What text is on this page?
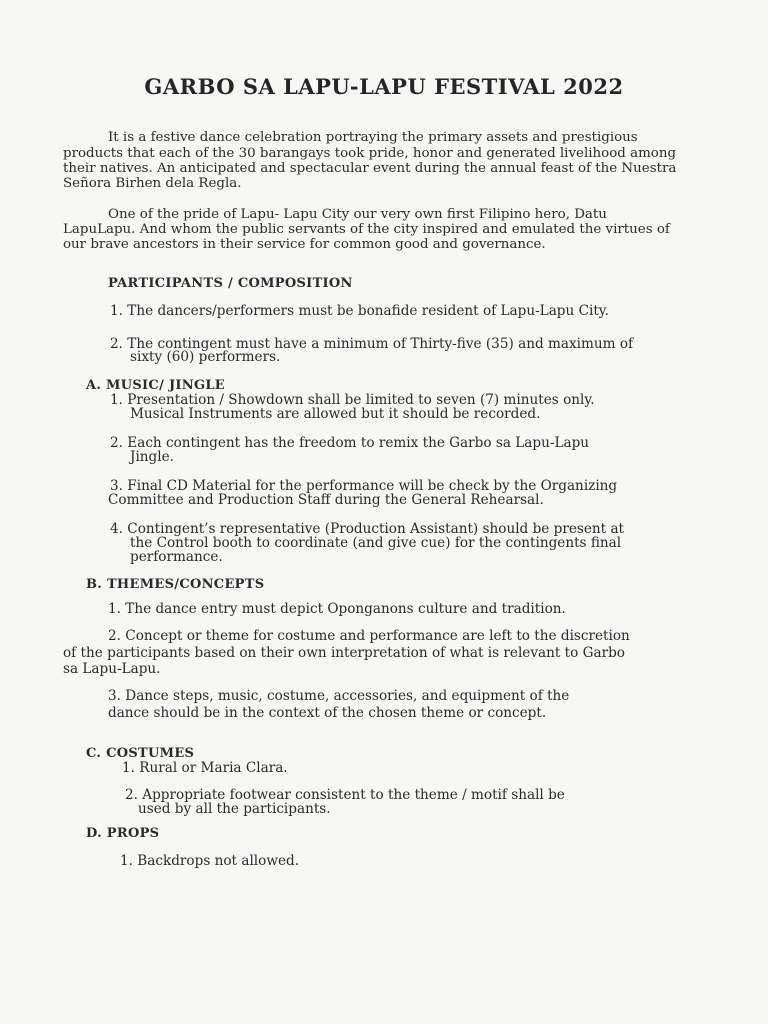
GARBO SA LAPU-LAPU FESTIVAL 2022

It is a festive dance celebration portraying the primary assets and prestigious

products that each of the 30 barangays took pride, honor and generated livelihood among

their natives. An anticipated and spectacular event during the annual feast of the Nuestra

Señora Birhen dela Regla.

One of the pride of Lapu- Lapu City our very own first Filipino hero, Datu

LapuLapu. And whom the public servants of the city inspired and emulated the virtues of

our brave ancestors in their service for common good and governance.

PARTICIPANTS / COMPOSITION

1. The dancers/performers must be bonafide resident of Lapu-Lapu City.

2. The contingent must have a minimum of Thirty-five (35) and maximum of

sixty (60) performers.

A. MUSIC/ JINGLE

1. Presentation / Showdown shall be limited to seven (7) minutes only.

Musical Instruments are allowed but it should be recorded.

2. Each contingent has the freedom to remix the Garbo sa Lapu-Lapu

Jingle.

3. Final CD Material for the performance will be check by the Organizing

Committee and Production Staff during the General Rehearsal.

4. Contingent’s representative (Production Assistant) should be present at

the Control booth to coordinate (and give cue) for the contingents final

performance.

B. THEMES/CONCEPTS

1. The dance entry must depict Oponganons culture and tradition.

2. Concept or theme for costume and performance are left to the discretion

of the participants based on their own interpretation of what is relevant to Garbo

sa Lapu-Lapu.

3. Dance steps, music, costume, accessories, and equipment of the

dance should be in the context of the chosen theme or concept.

C. COSTUMES

1. Rural or Maria Clara.

2. Appropriate footwear consistent to the theme / motif shall be

used by all the participants.

D. PROPS

1. Backdrops not allowed.
